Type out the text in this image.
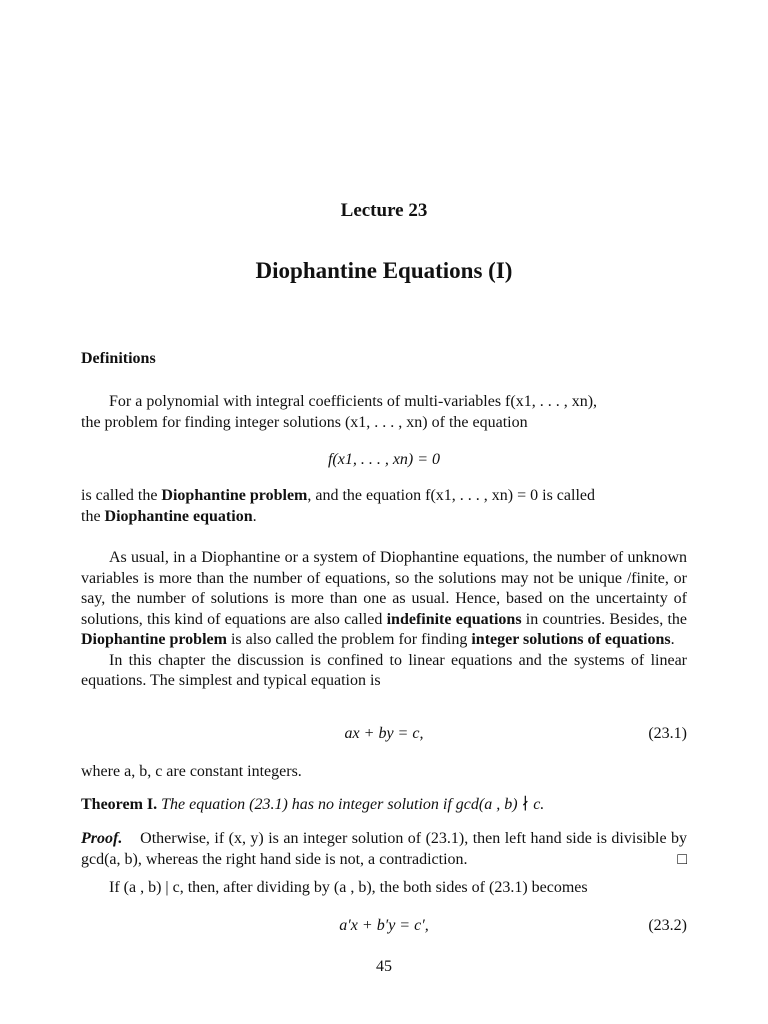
Lecture 23
Diophantine Equations (I)
Definitions

For a polynomial with integral coefficients of multi-variables f(x1, . . . , xn),

the problem for finding integer solutions (x1, . . . , xn) of the equation

f(x1, . . . , xn) = 0

is called the Diophantine problem, and the equation f(x1, . . . , xn) = 0 is called
the Diophantine equation.

As usual, in a Diophantine or a system of Diophantine equations, the number of unknown variables is more than the number of equations, so the solutions may not be unique /finite, or say, the number of solutions is more than one as usual. Hence, based on the uncertainty of solutions, this kind of equations are also called indefinite equations in countries. Besides, the Diophantine problem is also called the problem for finding integer solutions of equations.

In this chapter the discussion is confined to linear equations and the systems of linear equations. The simplest and typical equation is

ax + by = c,	(23.1)

where a, b, c are constant integers.

Theorem I. The equation (23.1) has no integer solution if gcd(a , b) ∤ c.

Proof. Otherwise, if (x, y) is an integer solution of (23.1), then left hand side is divisible by gcd(a, b), whereas the right hand side is not, a contradiction.	□

If (a , b) | c, then, after dividing by (a , b), the both sides of (23.1) becomes

a′x + b′y = c′,	(23.2)
45
